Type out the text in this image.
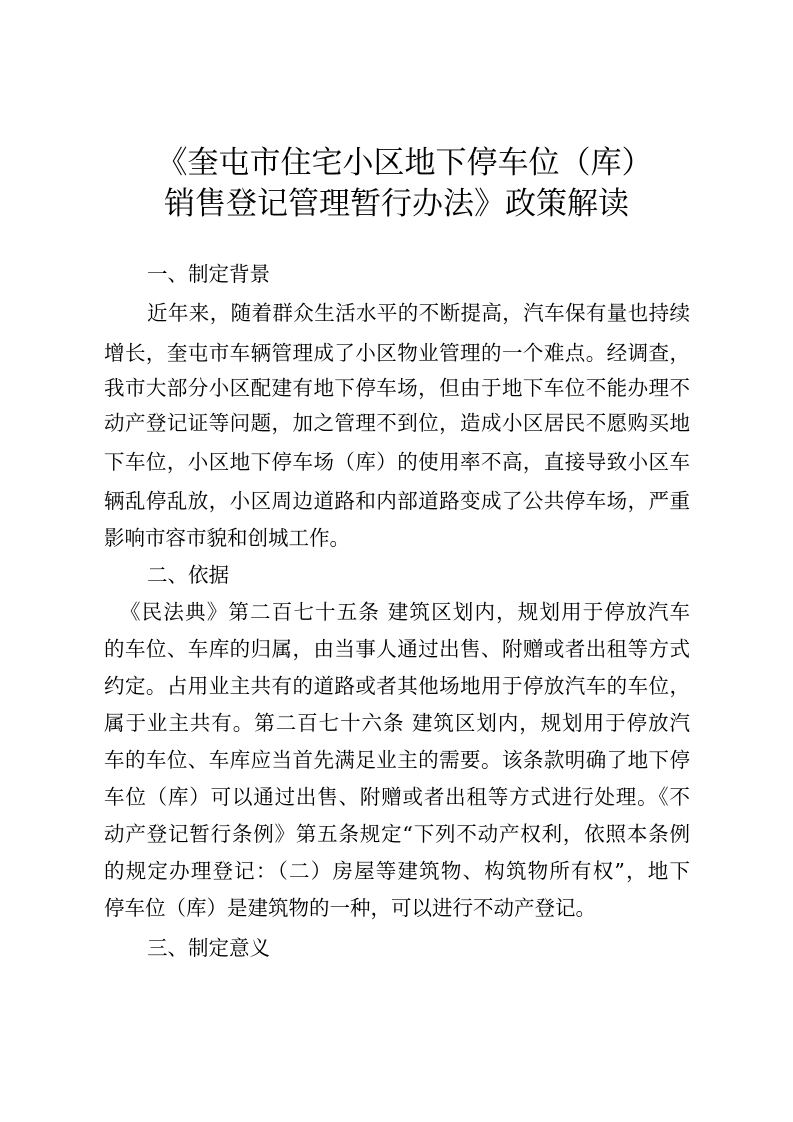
《奎屯市住宅小区地下停车位（库）
销售登记管理暂行办法》政策解读
一、制定背景
近年来，随着群众生活水平的不断提高，汽车保有量也持续
增长，奎屯市车辆管理成了小区物业管理的一个难点。经调查，
我市大部分小区配建有地下停车场，但由于地下车位不能办理不
动产登记证等问题，加之管理不到位，造成小区居民不愿购买地
下车位，小区地下停车场（库）的使用率不高，直接导致小区车
辆乱停乱放，小区周边道路和内部道路变成了公共停车场，严重
影响市容市貌和创城工作。
二、依据
《民法典》第二百七十五条 建筑区划内，规划用于停放汽车
的车位、车库的归属，由当事人通过出售、附赠或者出租等方式
约定。占用业主共有的道路或者其他场地用于停放汽车的车位，
属于业主共有。第二百七十六条 建筑区划内，规划用于停放汽
车的车位、车库应当首先满足业主的需要。该条款明确了地下停
车位（库）可以通过出售、附赠或者出租等方式进行处理。《不
动产登记暂行条例》第五条规定“下列不动产权利，依照本条例
的规定办理登记：（二）房屋等建筑物、构筑物所有权”，地下
停车位（库）是建筑物的一种，可以进行不动产登记。
三、制定意义
